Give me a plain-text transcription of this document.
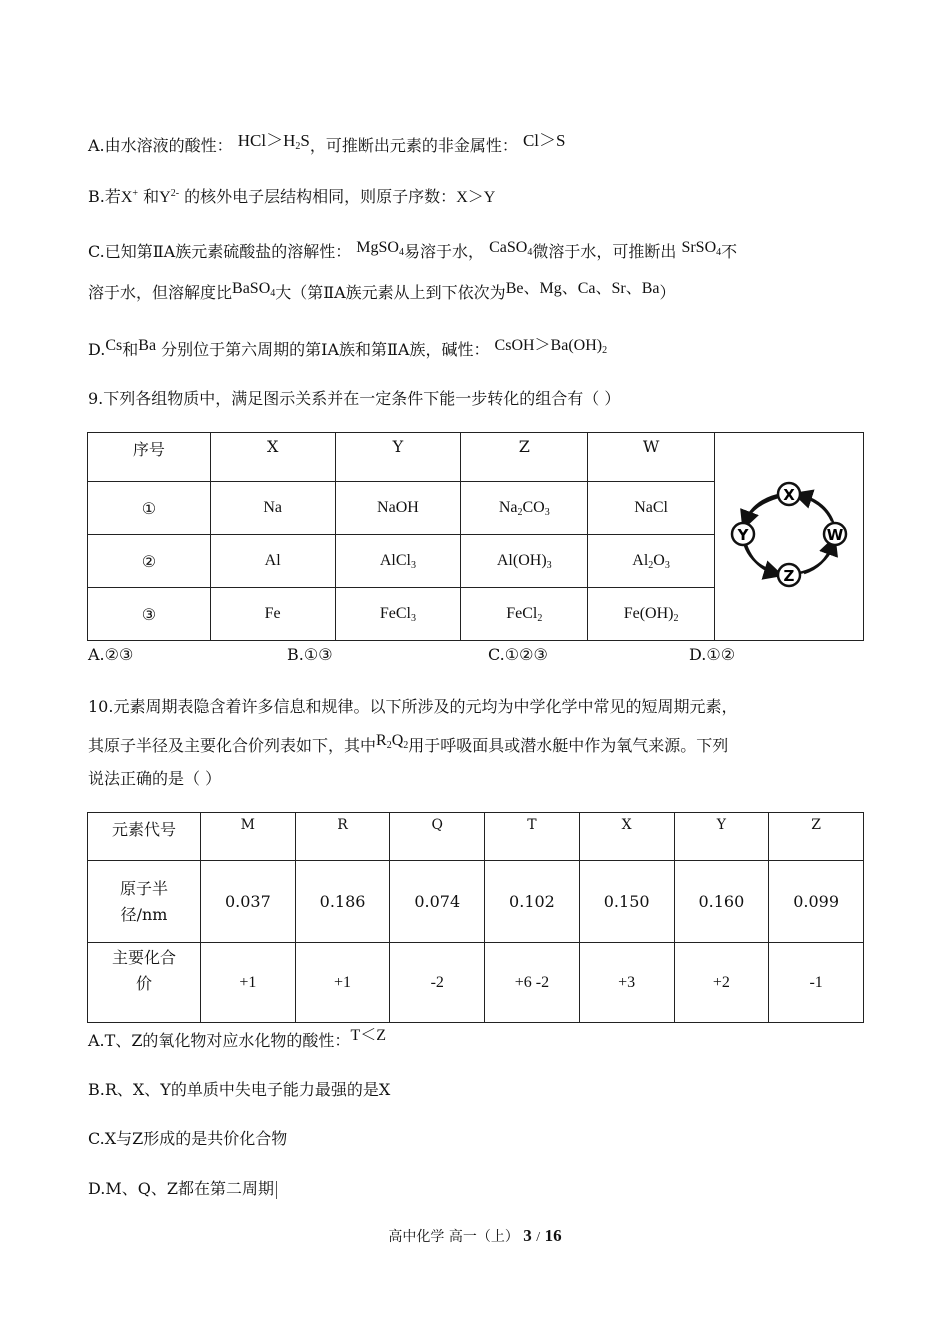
A.由水溶液的酸性： $HCl>H_2S$，可推断出元素的非金属性： Cl＞S
B.若X+ 和$Y^{2-}$ 的核外电子层结构相同，则原子序数：X＞Y
C.已知第ⅡA族元素硫酸盐的溶解性： MgSO$_4$易溶于水， CaSO$_4$微溶于水，可推断出 SrSO$_4$不
溶于水，但溶解度比BaSO$_4$大（第ⅡA族元素从上到下依次为Be、Mg、Ca、Sr、Ba）
D.Cs和Ba 分别位于第六周期的第ⅠA族和第ⅡA族，碱性： $CsOH>Ba(OH)_2$
9.下列各组物质中，满足图示关系并在一定条件下能一步转化的组合有（ ）
序号	X	Y	Z	W	X
Y
Z
W

①	Na	NaOH	$Na_2CO_3$	NaCl	
②	Al	AlCl$_3$	$Al(OH)_3$	$Al_2O_3$
③	Fe	FeCl$_3$	FeCl$_2$	$Fe(OH)_2$
A.②③	B.①③	C.①②③	D.①②
10.元素周期表隐含着许多信息和规律。以下所涉及的元均为中学化学中常见的短周期元素，
其原子半径及主要化合价列表如下，其中$R_2Q_2$用于呼吸面具或潜水艇中作为氧气来源。下列
说法正确的是（ ）
元素代号	M	R	Q	T	X	Y	Z
原子半
径/nm	0.037	0.186	0.074	0.102	0.150	0.160	0.099
主要化合
价	+1	+1	-2	+6 -2	+3	+2	-1
A.T、Z的氧化物对应水化物的酸性：T＜Z
B.R、X、Y的单质中失电子能力最强的是X
C.X与Z形成的是共价化合物
D.M、Q、Z都在第二周期
高中化学 高一（上） 3 / 16
